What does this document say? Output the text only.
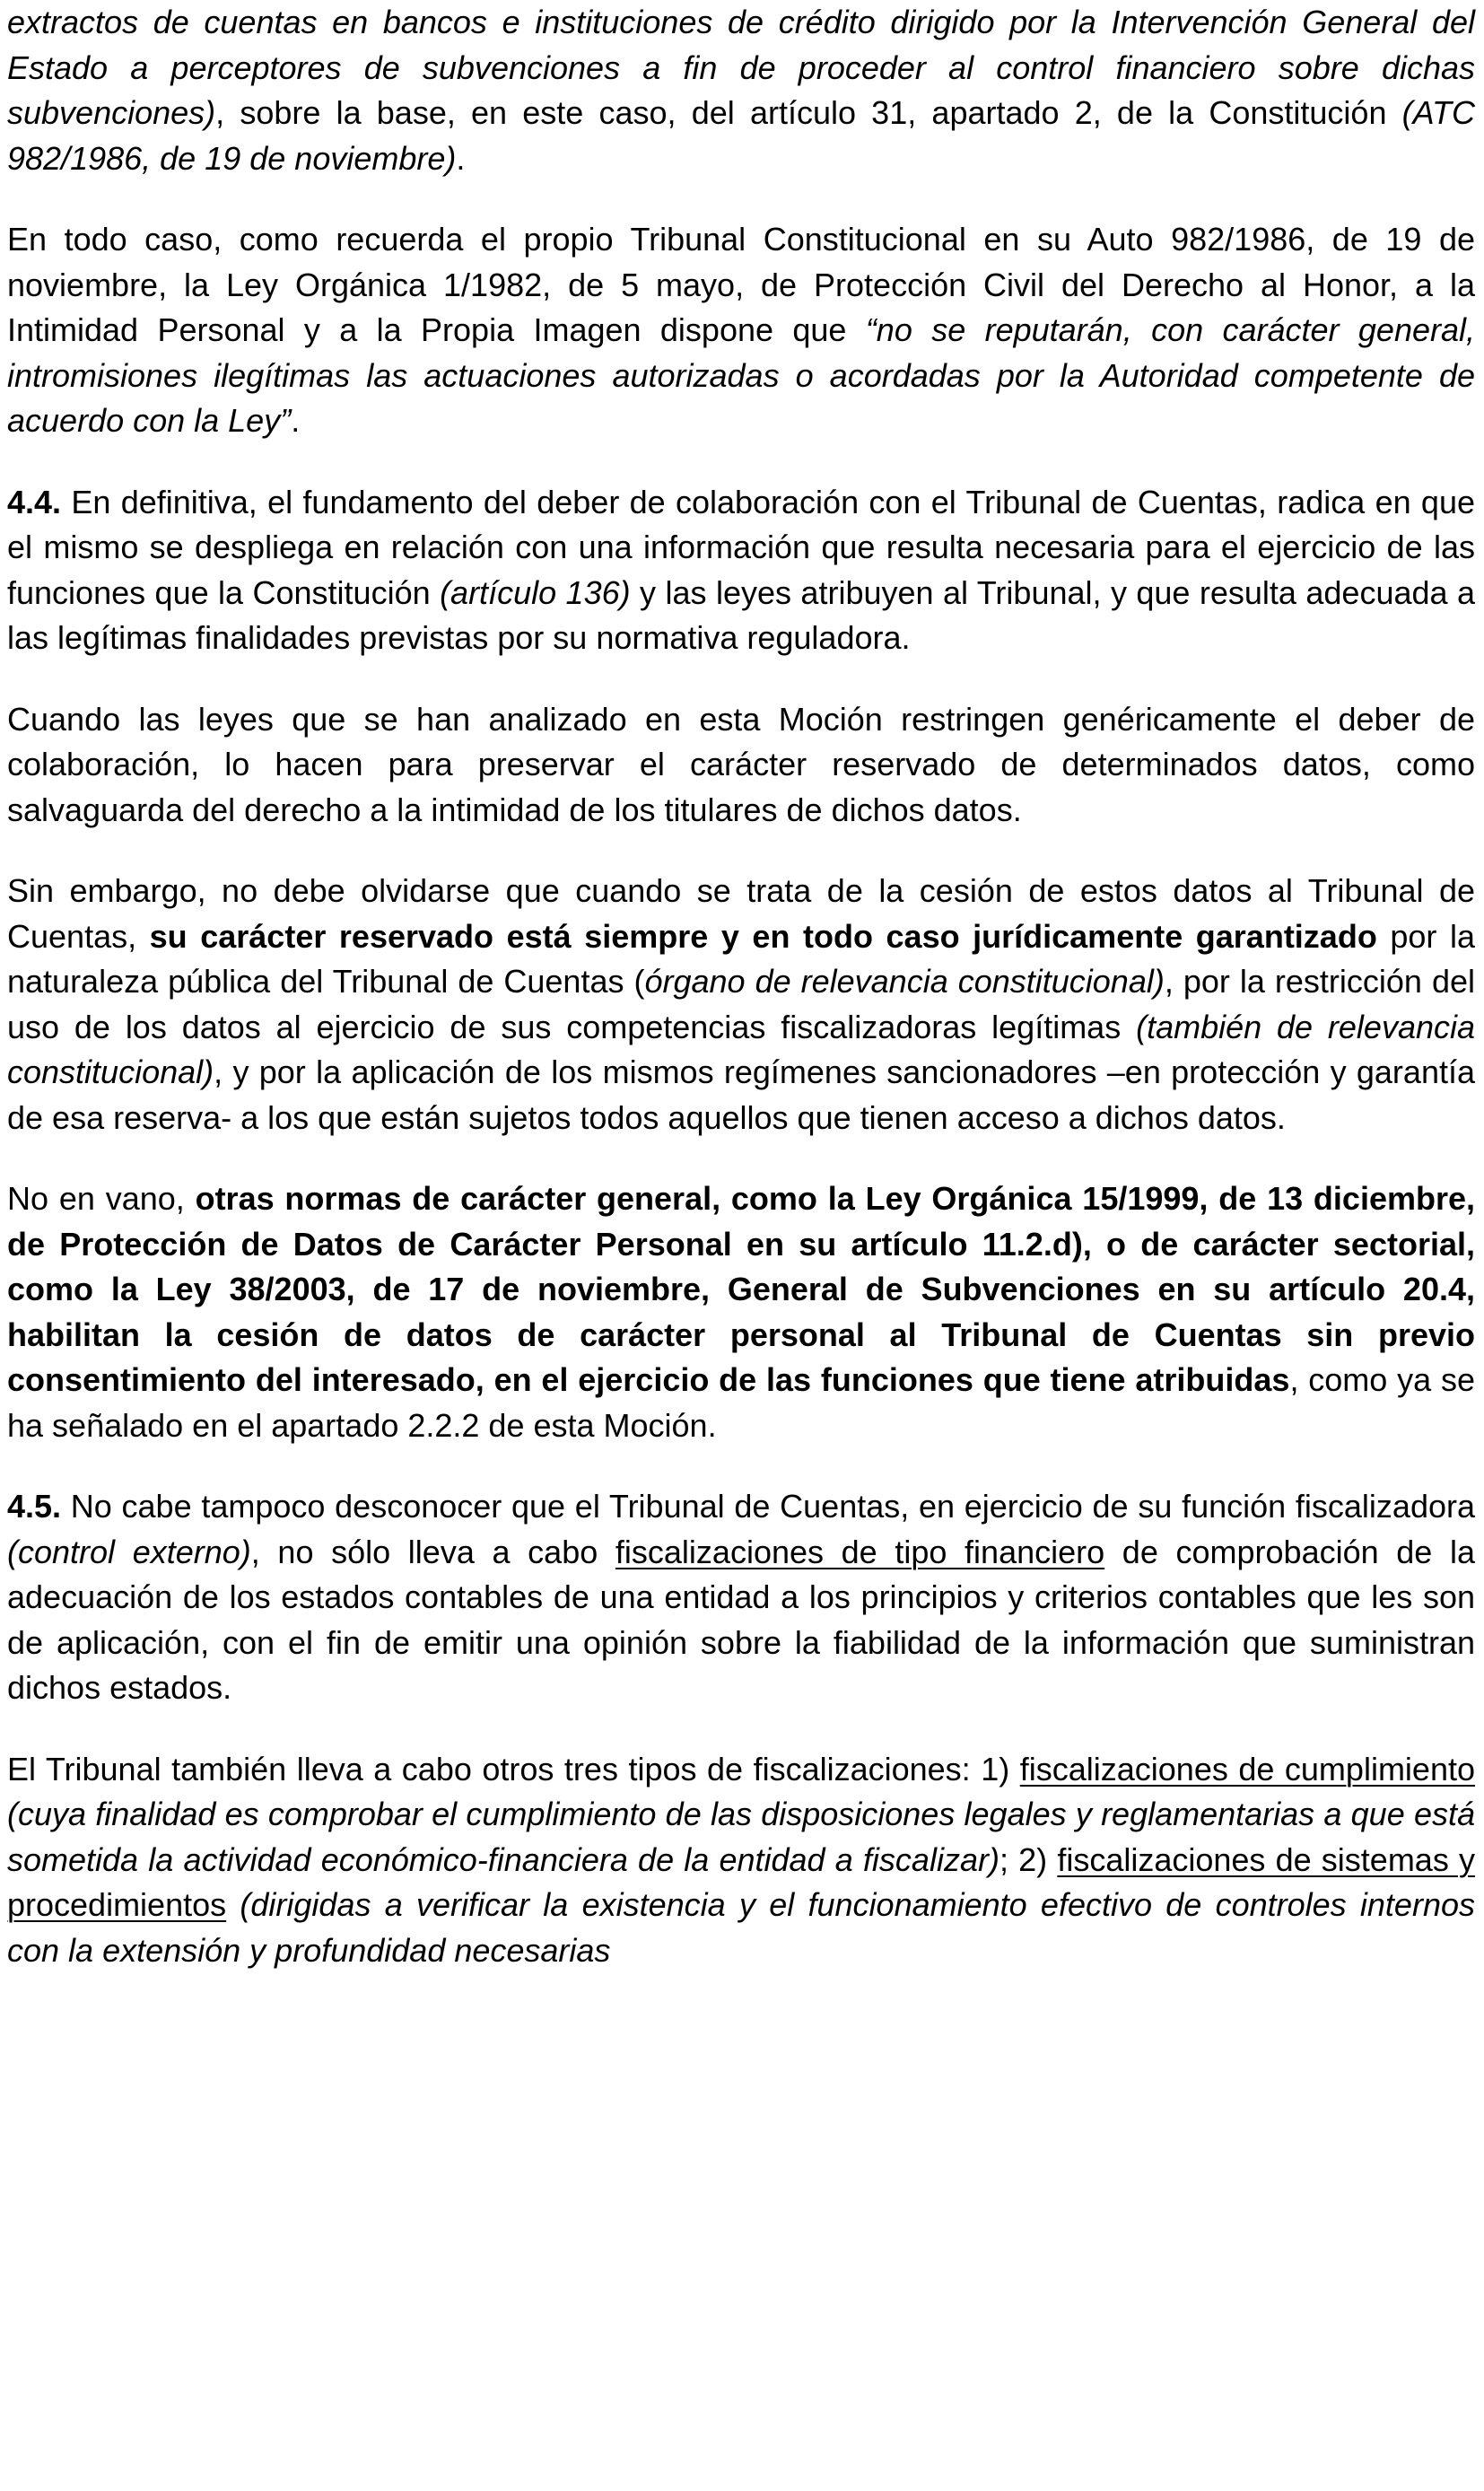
extractos de cuentas en bancos e instituciones de crédito dirigido por la Intervención General del Estado a perceptores de subvenciones a fin de proceder al control financiero sobre dichas subvenciones), sobre la base, en este caso, del artículo 31, apartado 2, de la Constitución (ATC 982/1986, de 19 de noviembre).

En todo caso, como recuerda el propio Tribunal Constitucional en su Auto 982/1986, de 19 de noviembre, la Ley Orgánica 1/1982, de 5 mayo, de Protección Civil del Derecho al Honor, a la Intimidad Personal y a la Propia Imagen dispone que “no se reputarán, con carácter general, intromisiones ilegítimas las actuaciones autorizadas o acordadas por la Autoridad competente de acuerdo con la Ley”.

4.4. En definitiva, el fundamento del deber de colaboración con el Tribunal de Cuentas, radica en que el mismo se despliega en relación con una información que resulta necesaria para el ejercicio de las funciones que la Constitución (artículo 136) y las leyes atribuyen al Tribunal, y que resulta adecuada a las legítimas finalidades previstas por su normativa reguladora.

Cuando las leyes que se han analizado en esta Moción restringen genéricamente el deber de colaboración, lo hacen para preservar el carácter reservado de determinados datos, como salvaguarda del derecho a la intimidad de los titulares de dichos datos.

Sin embargo, no debe olvidarse que cuando se trata de la cesión de estos datos al Tribunal de Cuentas, su carácter reservado está siempre y en todo caso jurídicamente garantizado por la naturaleza pública del Tribunal de Cuentas (órgano de relevancia constitucional), por la restricción del uso de los datos al ejercicio de sus competencias fiscalizadoras legítimas (también de relevancia constitucional), y por la aplicación de los mismos regímenes sancionadores –en protección y garantía de esa reserva- a los que están sujetos todos aquellos que tienen acceso a dichos datos.

No en vano, otras normas de carácter general, como la Ley Orgánica 15/1999, de 13 diciembre, de Protección de Datos de Carácter Personal en su artículo 11.2.d), o de carácter sectorial, como la Ley 38/2003, de 17 de noviembre, General de Subvenciones en su artículo 20.4, habilitan la cesión de datos de carácter personal al Tribunal de Cuentas sin previo consentimiento del interesado, en el ejercicio de las funciones que tiene atribuidas, como ya se ha señalado en el apartado 2.2.2 de esta Moción.

4.5. No cabe tampoco desconocer que el Tribunal de Cuentas, en ejercicio de su función fiscalizadora (control externo), no sólo lleva a cabo fiscalizaciones de tipo financiero de comprobación de la adecuación de los estados contables de una entidad a los principios y criterios contables que les son de aplicación, con el fin de emitir una opinión sobre la fiabilidad de la información que suministran dichos estados.

El Tribunal también lleva a cabo otros tres tipos de fiscalizaciones: 1) fiscalizaciones de cumplimiento (cuya finalidad es comprobar el cumplimiento de las disposiciones legales y reglamentarias a que está sometida la actividad económico-financiera de la entidad a fiscalizar); 2) fiscalizaciones de sistemas y procedimientos (dirigidas a verificar la existencia y el funcionamiento efectivo de controles internos con la extensión y profundidad necesarias
